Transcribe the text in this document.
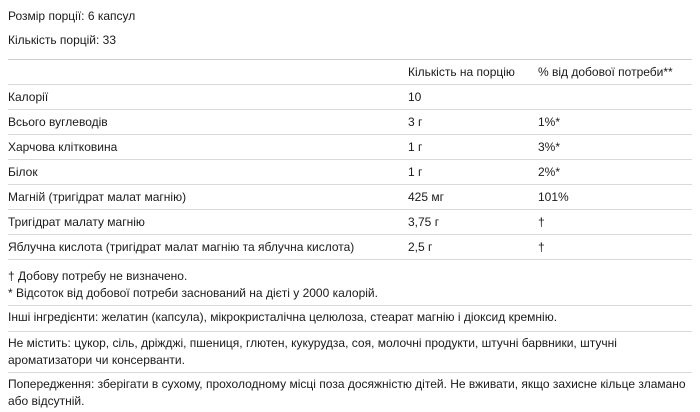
Розмір порції: 6 капсул
Кількість порцій: 33
	Кількість на порцію	% від добової потреби**
Калорії	10	
Всього вуглеводів	3 г	1%*
Харчова клітковина	1 г	3%*
Білок	1 г	2%*
Магній (тригідрат малат магнію)	425 мг	101%
Тригідрат малату магнію	3,75 г	†
Яблучна кислота (тригідрат малат магнію та яблучна кислота)	2,5 г	†
† Добову потребу не визначено.
* Відсоток від добової потреби заснований на дієті у 2000 калорій.
Інші інгредієнти: желатин (капсула), мікрокристалічна целюлоза, стеарат магнію і діоксид кремнію.
Не містить: цукор, сіль, дріжджі, пшениця, глютен, кукурудза, соя, молочні продукти, штучні барвники, штучні ароматизатори чи консерванти.
Попередження: зберігати в сухому, прохолодному місці поза досяжністю дітей. Не вживати, якщо захисне кільце зламано або відсутній.
